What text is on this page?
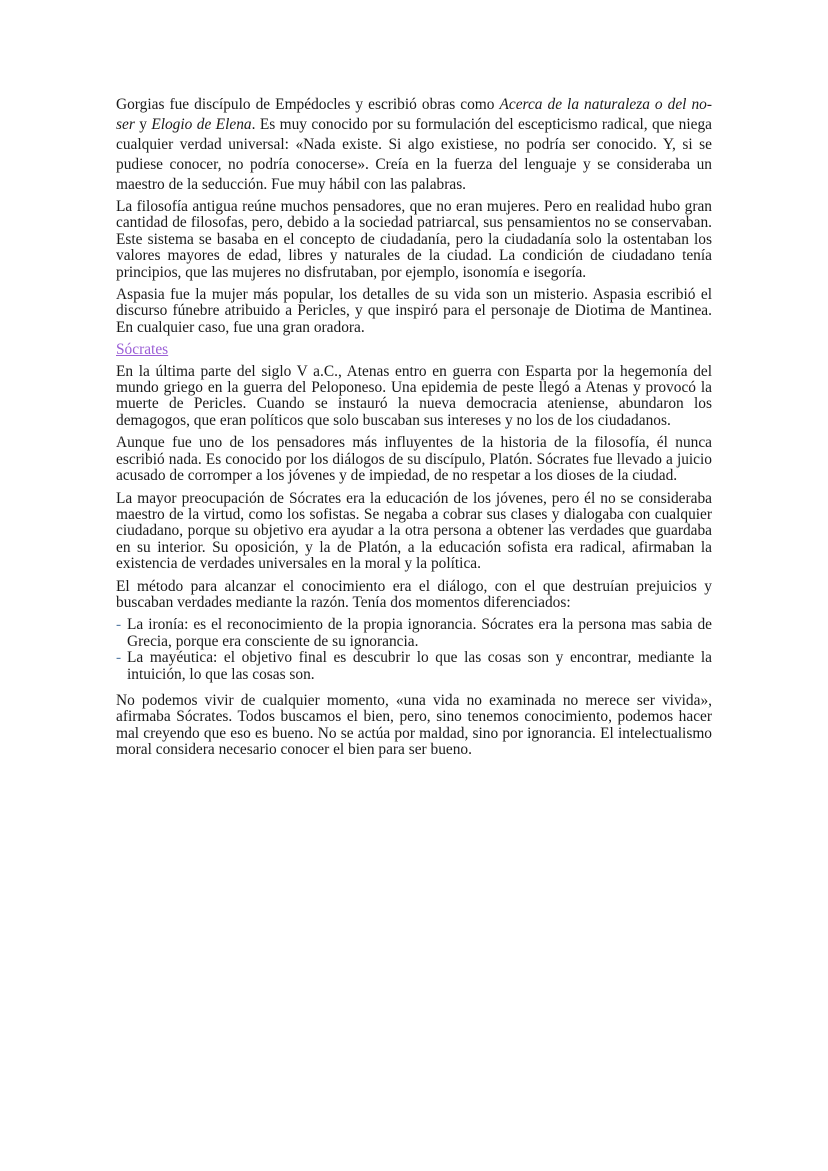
Gorgias fue discípulo de Empédocles y escribió obras como Acerca de la naturaleza o del no-ser y Elogio de Elena. Es muy conocido por su formulación del escepticismo radical, que niega cualquier verdad universal: «Nada existe. Si algo existiese, no podría ser conocido. Y, si se pudiese conocer, no podría conocerse». Creía en la fuerza del lenguaje y se consideraba un maestro de la seducción. Fue muy hábil con las palabras.

La filosofía antigua reúne muchos pensadores, que no eran mujeres. Pero en realidad hubo gran cantidad de filosofas, pero, debido a la sociedad patriarcal, sus pensamientos no se conservaban. Este sistema se basaba en el concepto de ciudadanía, pero la ciudadanía solo la ostentaban los valores mayores de edad, libres y naturales de la ciudad. La condición de ciudadano tenía principios, que las mujeres no disfrutaban, por ejemplo, isonomía e isegoría.

Aspasia fue la mujer más popular, los detalles de su vida son un misterio. Aspasia escribió el discurso fúnebre atribuido a Pericles, y que inspiró para el personaje de Diotima de Mantinea. En cualquier caso, fue una gran oradora.

Sócrates

En la última parte del siglo V a.C., Atenas entro en guerra con Esparta por la hegemonía del mundo griego en la guerra del Peloponeso. Una epidemia de peste llegó a Atenas y provocó la muerte de Pericles. Cuando se instauró la nueva democracia ateniense, abundaron los demagogos, que eran políticos que solo buscaban sus intereses y no los de los ciudadanos.

Aunque fue uno de los pensadores más influyentes de la historia de la filosofía, él nunca escribió nada. Es conocido por los diálogos de su discípulo, Platón. Sócrates fue llevado a juicio acusado de corromper a los jóvenes y de impiedad, de no respetar a los dioses de la ciudad.

La mayor preocupación de Sócrates era la educación de los jóvenes, pero él no se consideraba maestro de la virtud, como los sofistas. Se negaba a cobrar sus clases y dialogaba con cualquier ciudadano, porque su objetivo era ayudar a la otra persona a obtener las verdades que guardaba en su interior. Su oposición, y la de Platón, a la educación sofista era radical, afirmaban la existencia de verdades universales en la moral y la política.

El método para alcanzar el conocimiento era el diálogo, con el que destruían prejuicios y buscaban verdades mediante la razón. Tenía dos momentos diferenciados:

- La ironía: es el reconocimiento de la propia ignorancia. Sócrates era la persona mas sabia de Grecia, porque era consciente de su ignorancia.
- La mayéutica: el objetivo final es descubrir lo que las cosas son y encontrar, mediante la intuición, lo que las cosas son.

No podemos vivir de cualquier momento, «una vida no examinada no merece ser vivida», afirmaba Sócrates. Todos buscamos el bien, pero, sino tenemos conocimiento, podemos hacer mal creyendo que eso es bueno. No se actúa por maldad, sino por ignorancia. El intelectualismo moral considera necesario conocer el bien para ser bueno.
